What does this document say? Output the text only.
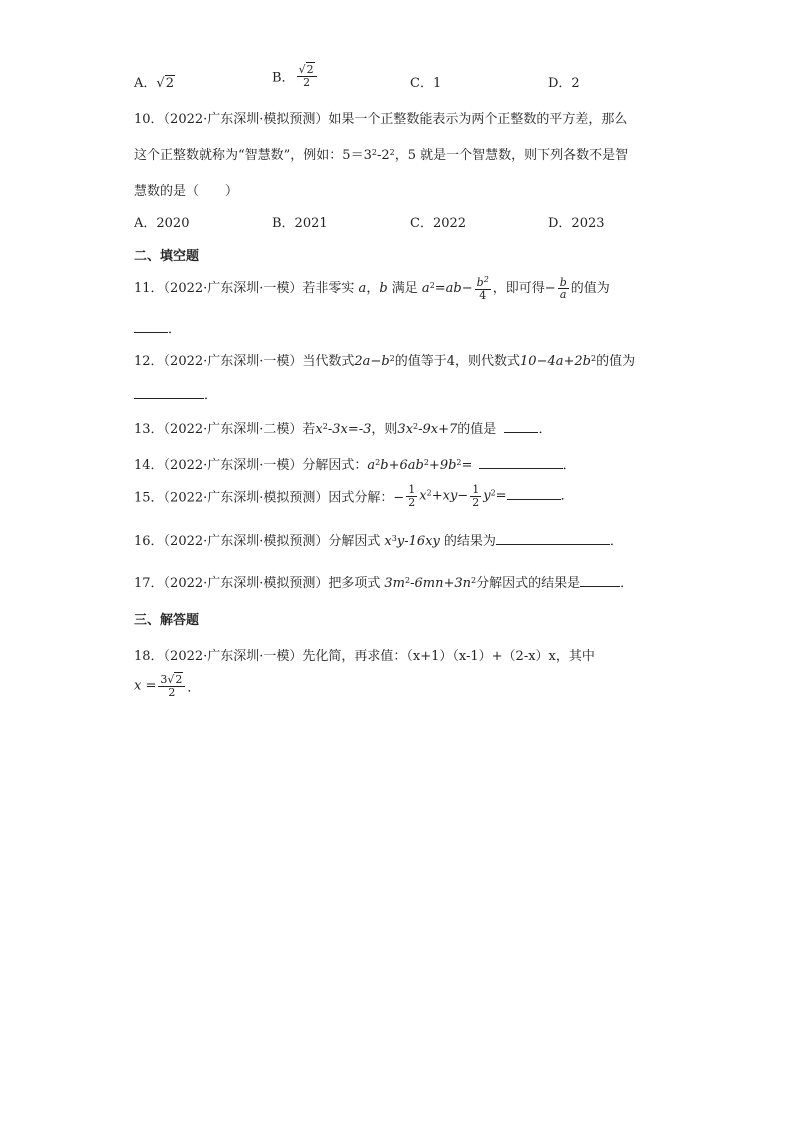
A．√2	B． $\frac{√2}{2}$	C．1	D．2
10．（2022·广东深圳·模拟预测）如果一个正整数能表示为两个正整数的平方差，那么
这个正整数就称为“智慧数”，例如：$5=3^2-2^2$，5 就是一个智慧数，则下列各数不是智
慧数的是（　　）
A．2020	B．2021	C．2022	D．2023
二、填空题
11．（2022·广东深圳·一模）若非零实 a，b 满足 $a^2=ab- \frac{b^2}{4}$ ，即可得− $\frac{b}{a}$ 的值为
．
12．（2022·广东深圳·一模）当代数式$2a-b^2$的值等于4，则代数式$10-4a+2b^2$的值为
．
13．（2022·广东深圳·二模）若$x^2-3x=-3$，则$3x^2-9x+7$的值是	．
14．（2022·广东深圳·一模）分解因式：$a^2b+6ab^2+9b^2=$	．
15．（2022·广东深圳·模拟预测）因式分解：− $\frac{1}{2} x^2+xy- \frac{1}{2} y^2=$	．
16．（2022·广东深圳·模拟预测）分解因式 $x^3y-16xy$ 的结果为	．
17．（2022·广东深圳·模拟预测）把多项式 $3m^2-6mn+3n^2$分解因式的结果是	．
三、解答题
18．（2022·广东深圳·一模）先化简，再求值：（x+1）（x-1）+（2-x）x，其中
$x = \frac{3√2}{2}$ ．
